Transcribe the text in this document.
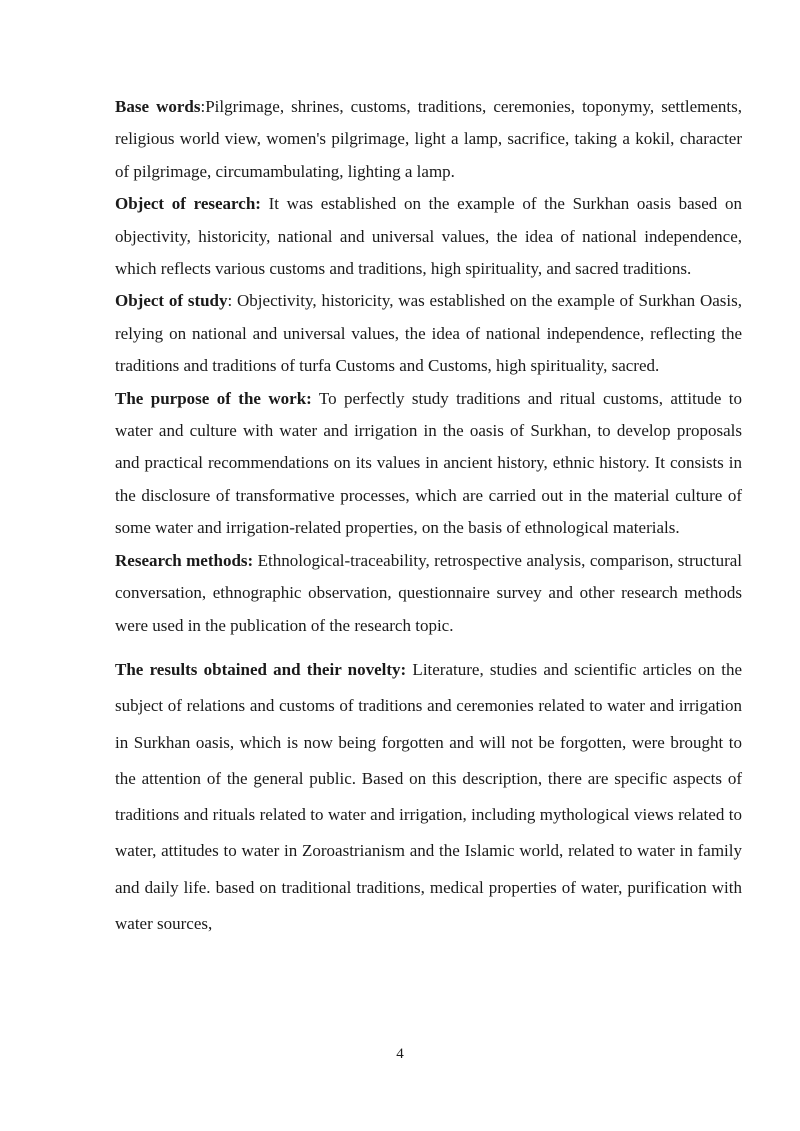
Base words:Pilgrimage, shrines, customs, traditions, ceremonies, toponymy, settlements, religious world view, women's pilgrimage, light a lamp, sacrifice, taking a kokil, character of pilgrimage, circumambulating, lighting a lamp.

Object of research: It was established on the example of the Surkhan oasis based on objectivity, historicity, national and universal values, the idea of national independence, which reflects various customs and traditions, high spirituality, and sacred traditions.

Object of study: Objectivity, historicity, was established on the example of Surkhan Oasis, relying on national and universal values, the idea of national independence, reflecting the traditions and traditions of turfa Customs and Customs, high spirituality, sacred.

The purpose of the work: To perfectly study traditions and ritual customs, attitude to water and culture with water and irrigation in the oasis of Surkhan, to develop proposals and practical recommendations on its values in ancient history, ethnic history. It consists in the disclosure of transformative processes, which are carried out in the material culture of some water and irrigation-related properties, on the basis of ethnological materials.

Research methods: Ethnological-traceability, retrospective analysis, comparison, structural conversation, ethnographic observation, questionnaire survey and other research methods were used in the publication of the research topic.

The results obtained and their novelty: Literature, studies and scientific articles on the subject of relations and customs of traditions and ceremonies related to water and irrigation in Surkhan oasis, which is now being forgotten and will not be forgotten, were brought to the attention of the general public. Based on this description, there are specific aspects of traditions and rituals related to water and irrigation, including mythological views related to water, attitudes to water in Zoroastrianism and the Islamic world, related to water in family and daily life. based on traditional traditions, medical properties of water, purification with water sources,

4
